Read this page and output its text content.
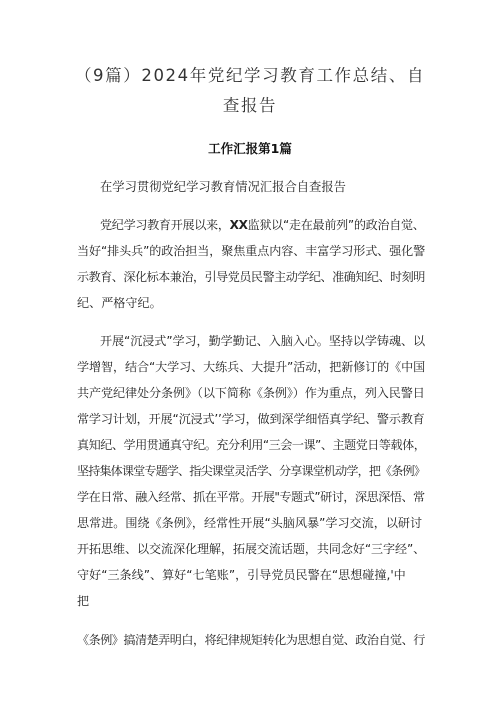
（9篇）2024年党纪学习教育工作总结、自
查报告
工作汇报第1篇
在学习贯彻党纪学习教育情况汇报合自查报告
党纪学习教育开展以来，XX监狱以“走在最前列”的政治自觉、
当好“排头兵”的政治担当，聚焦重点内容、丰富学习形式、强化警
示教育、深化标本兼治，引导党员民警主动学纪、准确知纪、时刻明
纪、严格守纪。
开展“沉浸式”学习，勤学勤记、入脑入心。坚持以学铸魂、以
学增智，结合“大学习、大练兵、大提升”活动，把新修订的《中国
共产党纪律处分条例》（以下简称《条例》）作为重点，列入民警日
常学习计划，开展“沉浸式’’学习，做到深学细悟真学纪、警示教育
真知纪、学用贯通真守纪。充分利用“三会一课”、主题党日等载体，
坚持集体课堂专题学、指尖课堂灵活学、分享课堂机动学，把《条例》
学在日常、融入经常、抓在平常。开展"专题式”研讨，深思深悟、常
思常进。围绕《条例》，经常性开展“头脑风暴”学习交流，以研讨
开拓思维、以交流深化理解，拓展交流话题，共同念好“三字经”、
守好“三条线”、算好“七笔账”，引导党员民警在“思想碰撞,'中
把
《条例》搞清楚弄明白，将纪律规矩转化为思想自觉、政治自觉、行
